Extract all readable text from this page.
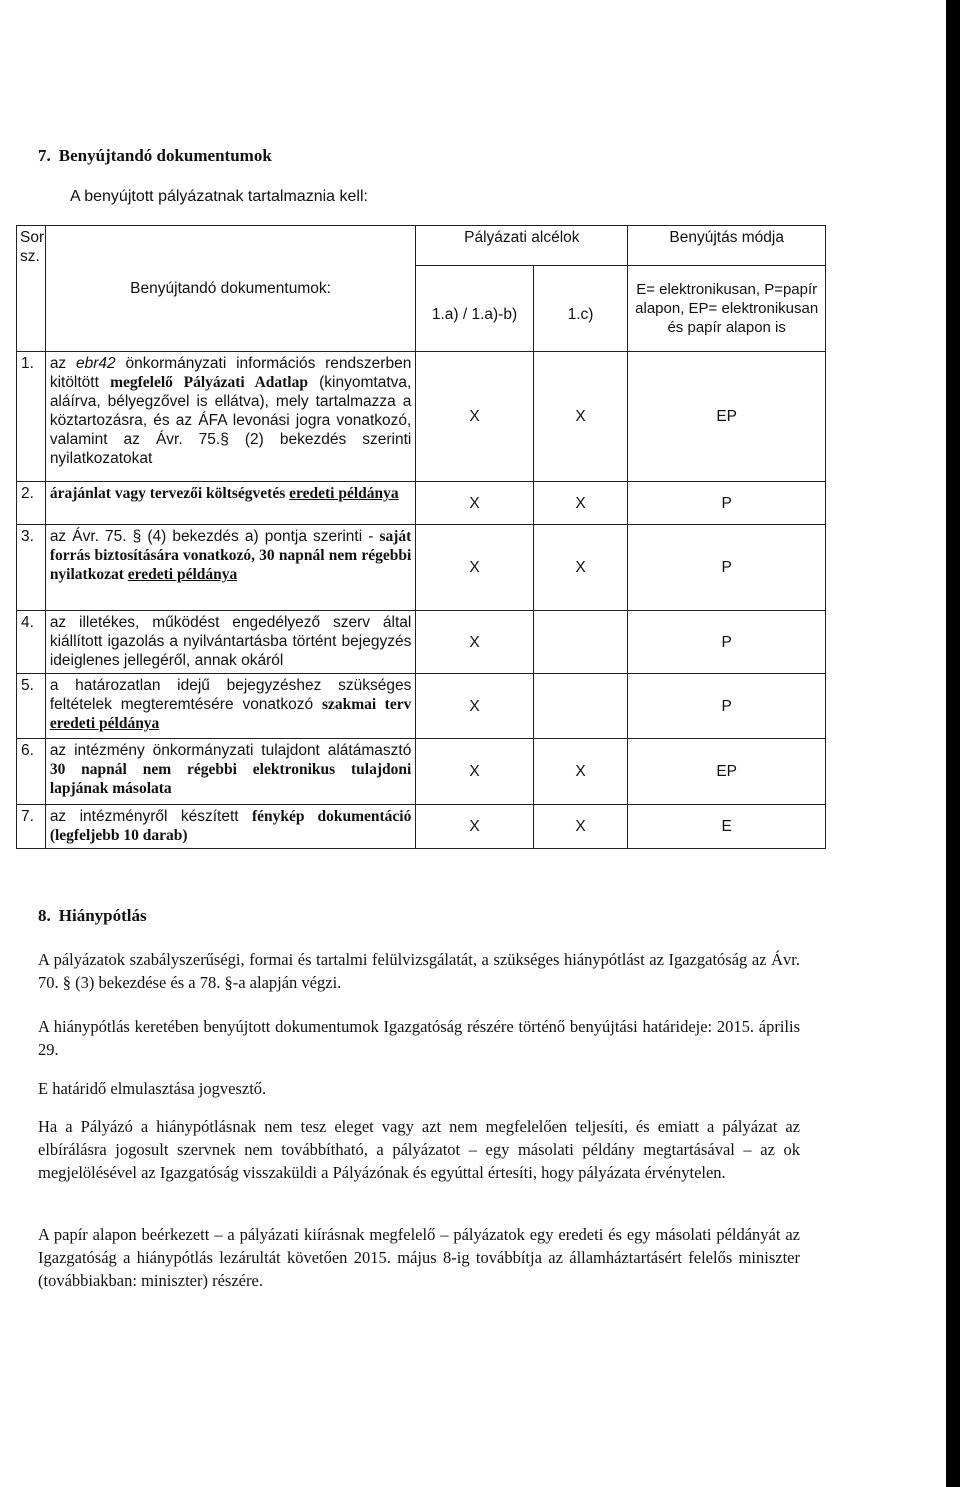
7. Benyújtandó dokumentumok
A benyújtott pályázatnak tartalmaznia kell:
Sor
sz.	Benyújtandó dokumentumok:	Pályázati alcélok		Benyújtás módja
		1.a) / 1.a)-b)	1.c)	E= elektronikusan, P=papír alapon, EP= elektronikusan és papír alapon is
1.	az ebr42 önkormányzati információs rendszerben kitöltött megfelelő Pályázati Adatlap (kinyomtatva, aláírva, bélyegzővel is ellátva), mely tartalmazza a köztartozásra, és az ÁFA levonási jogra vonatkozó, valamint az Ávr. 75.§ (2) bekezdés szerinti nyilatkozatokat	X	X	EP
2.	árajánlat vagy tervezői költségvetés eredeti példánya	X	X	P
3.	az Ávr. 75. § (4) bekezdés a) pontja szerinti - saját forrás biztosítására vonatkozó, 30 napnál nem régebbi nyilatkozat eredeti példánya	X	X	P
4.	az illetékes, működést engedélyező szerv által kiállított igazolás a nyilvántartásba történt bejegyzés ideiglenes jellegéről, annak okáról	X		P
5.	a határozatlan idejű bejegyzéshez szükséges feltételek megteremtésére vonatkozó szakmai terv eredeti példánya	X		P
6.	az intézmény önkormányzati tulajdont alátámasztó 30 napnál nem régebbi elektronikus tulajdoni lapjának másolata	X	X	EP
7.	az intézményről készített fénykép dokumentáció (legfeljebb 10 darab)	X	X	E
8. Hiánypótlás

A pályázatok szabályszerűségi, formai és tartalmi felülvizsgálatát, a szükséges hiánypótlást az Igazgatóság az Ávr. 70. § (3) bekezdése és a 78. §-a alapján végzi.

A hiánypótlás keretében benyújtott dokumentumok Igazgatóság részére történő benyújtási határideje: 2015. április 29.

E határidő elmulasztása jogvesztő.

Ha a Pályázó a hiánypótlásnak nem tesz eleget vagy azt nem megfelelően teljesíti, és emiatt a pályázat az elbírálásra jogosult szervnek nem továbbítható, a pályázatot – egy másolati példány megtartásával – az ok megjelölésével az Igazgatóság visszaküldi a Pályázónak és egyúttal értesíti, hogy pályázata érvénytelen.

A papír alapon beérkezett – a pályázati kiírásnak megfelelő – pályázatok egy eredeti és egy másolati példányát az Igazgatóság a hiánypótlás lezárultát követően 2015. május 8-ig továbbítja az államháztartásért felelős miniszter (továbbiakban: miniszter) részére.
